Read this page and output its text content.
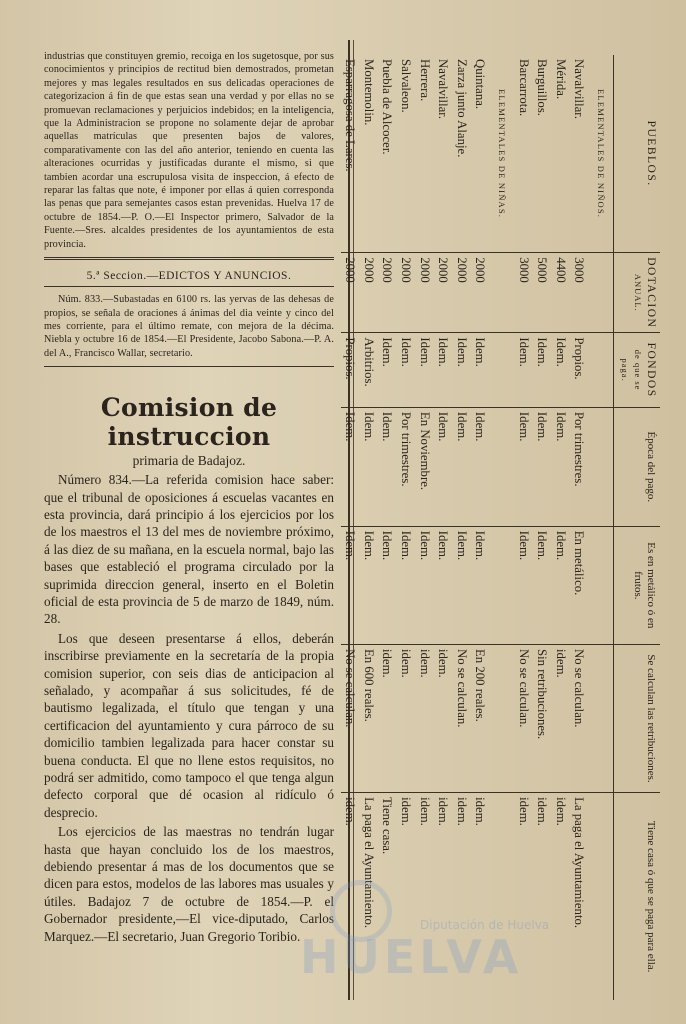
industrias que constituyen gremio, recoiga en los sugetosque, por sus conocimientos y principios de rectitud bien demostrados, prometan mejores y mas legales resultados en sus delicadas operaciones de categorizacion á fin de que estas sean una verdad y por ellas no se promuevan reclamaciones y perjuicios indebidos; en la inteligencia, que la Administracion se propone no solamente dejar de aprobar aquellas matrículas que presenten bajos de valores, comparativamente con las del año anterior, teniendo en cuenta las alteraciones ocurridas y justificadas durante el mismo, si que tambien acordar una escrupulosa visita de inspeccion, á efecto de reparar las faltas que note, é imponer por ellas á quien corresponda las penas que para semejantes casos estan prevenidas. Huelva 17 de octubre de 1854.—P. O.—El Inspector primero, Salvador de la Fuente.—Sres. alcaldes presidentes de los ayuntamientos de esta provincia.

5.ª Seccion.—EDICTOS Y ANUNCIOS.

Núm. 833.—Subastadas en 6100 rs. las yervas de las dehesas de propios, se señala de oraciones á ánimas del dia veinte y cinco del mes corriente, para el último remate, con mejora de la décima. Niebla y octubre 16 de 1854.—El Presidente, Jacobo Sabona.—P. A. del A., Francisco Wallar, secretario.

Comision de instruccion
primaria de Badajoz.

Número 834.—La referida comision hace saber: que el tribunal de oposiciones á escuelas vacantes en esta provincia, dará principio á los ejercicios por los de los maestros el 13 del mes de noviembre próximo, á las diez de su mañana, en la escuela normal, bajo las bases que estableció el programa circulado por la suprimida direccion general, inserto en el Boletin oficial de esta provincia de 5 de marzo de 1849, núm. 28.

Los que deseen presentarse á ellos, deberán inscribirse previamente en la secretaría de la propia comision superior, con seis dias de anticipacion al señalado, y acompañar á sus solicitudes, fé de bautismo legalizada, el título que tengan y una certificacion del ayuntamiento y cura párroco de su domicilio tambien legalizada para hacer constar su buena conducta. El que no llene estos requisitos, no podrá ser admitido, como tampoco el que tenga algun defecto corporal que dé ocasion al ridículo ó desprecio.

Los ejercicios de las maestras no tendrán lugar hasta que hayan concluido los de los maestros, debiendo presentar á mas de los documentos que se dicen para estos, modelos de las labores mas usuales y útiles. Badajoz 7 de octubre de 1854.—P. el Gobernador presidente,—El vice-diputado, Carlos Marquez.—El secretario, Juan Gregorio Toribio.

PUEBLOS.	DOTACION
ANUAL.	FONDOS
de que se paga.	Época del pago.	Es en metálico ó en frutos.	Se calculan las retribuciones.	Tiene casa ó que se paga para ella.

ELEMENTALES DE NIÑOS.						

Navalvillar.	3000	Propios.	Por trimestres.	En metálico.	No se calculan.	La paga el Ayuntamiento.
Mérida.	4400	Idem.	Idem.	Idem.	idem.	idem.
Burguillos.	5000	Idem.	Idem.	Idem.	Sin retribuciones.	idem.
Barcarrota.	3000	Idem.	Idem.	Idem.	No se calculan.	idem.

ELEMENTALES DE NIÑAS.						

Quintana.	2000	Idem.	Idem.	Idem.	En 200 reales.	idem.
Zarza junto Alanje.	2000	Idem.	Idem.	Idem.	No se calculan.	idem.
Navalvillar.	2000	Idem.	Idem.	Idem.	idem.	idem.
Herrera.	2000	Idem.	En Noviembre.	Idem.	idem.	idem.
Salvaleon.	2000	Idem.	Por trimestres.	Idem.	idem.	idem.
Puebla de Alcocer.	2000	Idem.	Idem.	Idem.	idem.	Tiene casa.
Montemolin.	2000	Arbitrios.	Idem.	Idem.	En 600 reales.	La paga el Ayuntamiento.
Esparragosa de Lares.	2000	Propios.	Idem.	Idem.	No se calculan.	idem.
Diputación de Huelva
HUELVA
